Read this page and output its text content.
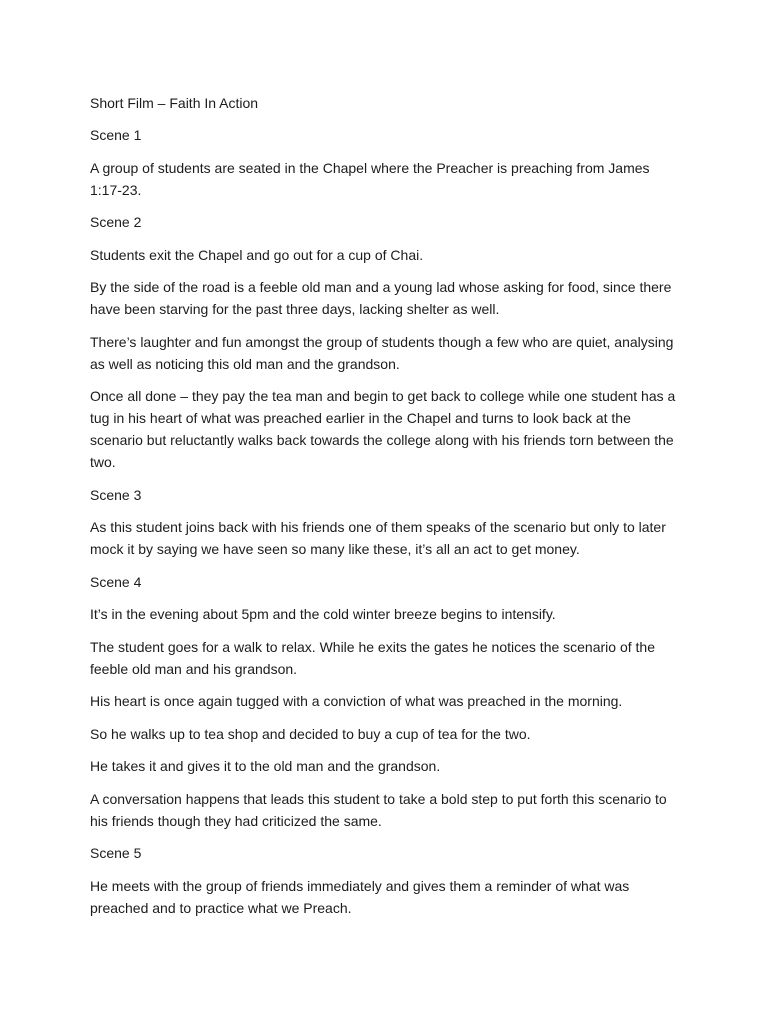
Short Film – Faith In Action

Scene 1

A group of students are seated in the Chapel where the Preacher is preaching from James 1:17-23.

Scene 2

Students exit the Chapel and go out for a cup of Chai.

By the side of the road is a feeble old man and a young lad whose asking for food, since there have been starving for the past three days, lacking shelter as well.

There’s laughter and fun amongst the group of students though a few who are quiet, analysing as well as noticing this old man and the grandson.

Once all done – they pay the tea man and begin to get back to college while one student has a tug in his heart of what was preached earlier in the Chapel and turns to look back at the scenario but reluctantly walks back towards the college along with his friends torn between the two.

Scene 3

As this student joins back with his friends one of them speaks of the scenario but only to later mock it by saying we have seen so many like these, it’s all an act to get money.

Scene 4

It’s in the evening about 5pm and the cold winter breeze begins to intensify.

The student goes for a walk to relax. While he exits the gates he notices the scenario of the feeble old man and his grandson.

His heart is once again tugged with a conviction of what was preached in the morning.

So he walks up to tea shop and decided to buy a cup of tea for the two.

He takes it and gives it to the old man and the grandson.

A conversation happens that leads this student to take a bold step to put forth this scenario to his friends though they had criticized the same.

Scene 5

He meets with the group of friends immediately and gives them a reminder of what was preached and to practice what we Preach.
